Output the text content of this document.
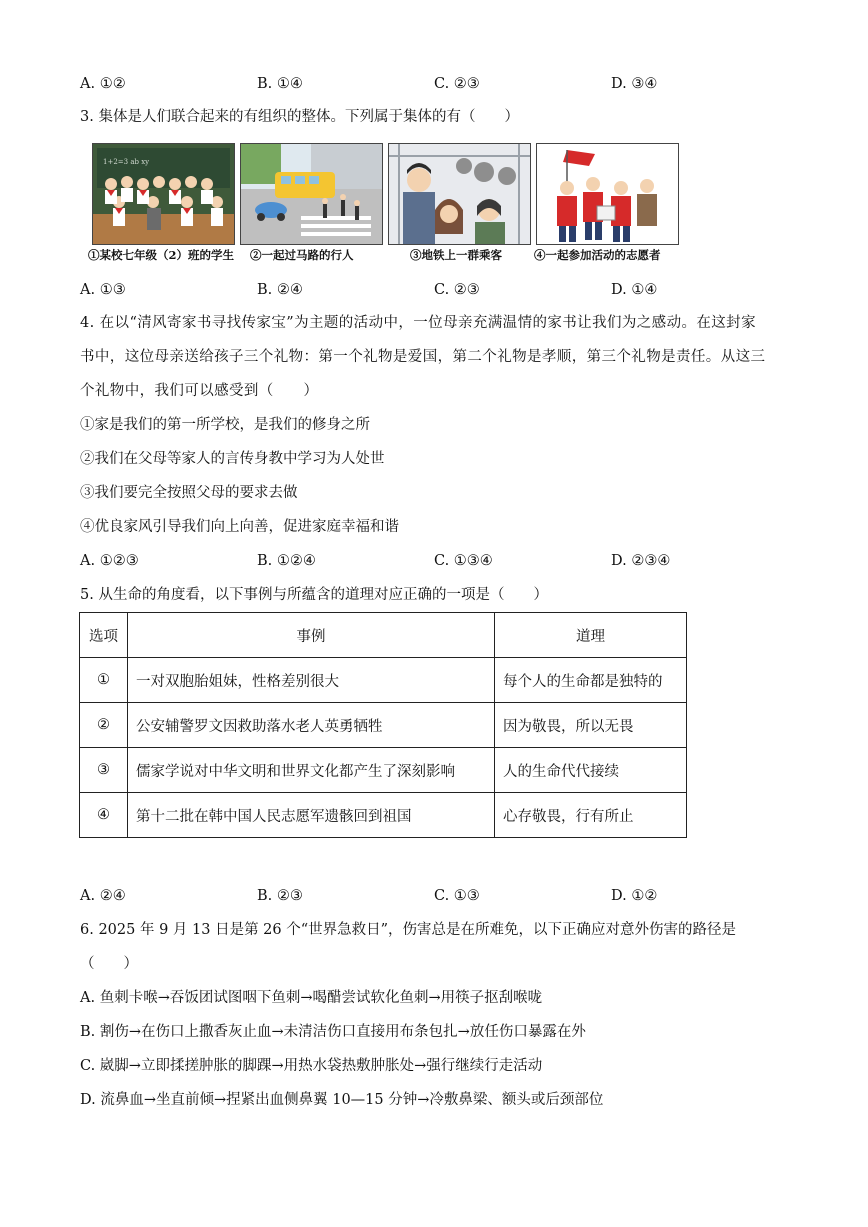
A. ①②	B. ①④	C. ②③	D. ③④
3. 集体是人们联合起来的有组织的整体。下列属于集体的有（　　）
1+2=3 ab xy
①某校七年级（2）班的学生	②一起过马路的行人	③地铁上一群乘客	④一起参加活动的志愿者
A. ①③	B. ②④	C. ②③	D. ①④
4. 在以“清风寄家书寻找传家宝”为主题的活动中，一位母亲充满温情的家书让我们为之感动。在这封家
书中，这位母亲送给孩子三个礼物：第一个礼物是爱国，第二个礼物是孝顺，第三个礼物是责任。从这三
个礼物中，我们可以感受到（　　）
①家是我们的第一所学校，是我们的修身之所
②我们在父母等家人的言传身教中学习为人处世
③我们要完全按照父母的要求去做
④优良家风引导我们向上向善，促进家庭幸福和谐
A. ①②③	B. ①②④	C. ①③④	D. ②③④
5. 从生命的角度看，以下事例与所蕴含的道理对应正确的一项是（　　）
选项	事例	道理
①	一对双胞胎姐妹，性格差别很大	每个人的生命都是独特的
②	公安辅警罗文因救助落水老人英勇牺牲	因为敬畏，所以无畏
③	儒家学说对中华文明和世界文化都产生了深刻影响	人的生命代代接续
④	第十二批在韩中国人民志愿军遗骸回到祖国	心存敬畏，行有所止
A. ②④	B. ②③	C. ①③	D. ①②
6. 2025 年 9 月 13 日是第 26 个“世界急救日”，伤害总是在所难免，以下正确应对意外伤害的路径是
（　　）
A. 鱼刺卡喉→吞饭团试图咽下鱼刺→喝醋尝试软化鱼刺→用筷子抠刮喉咙
B. 割伤→在伤口上撒香灰止血→未清洁伤口直接用布条包扎→放任伤口暴露在外
C. 崴脚→立即揉搓肿胀的脚踝→用热水袋热敷肿胀处→强行继续行走活动
D. 流鼻血→坐直前倾→捏紧出血侧鼻翼 10—15 分钟→冷敷鼻梁、额头或后颈部位
